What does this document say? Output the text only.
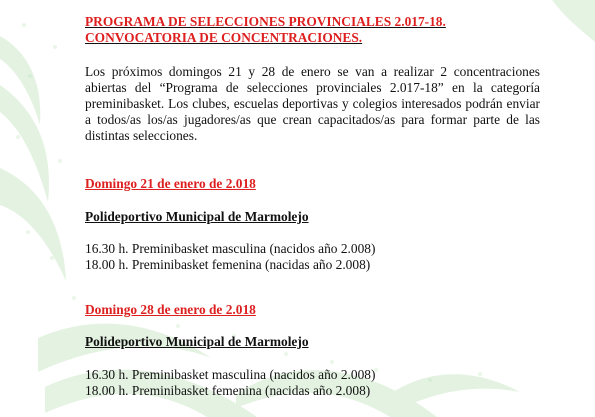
PROGRAMA DE SELECCIONES PROVINCIALES 2.017-18.
CONVOCATORIA DE CONCENTRACIONES.

Los próximos domingos 21 y 28 de enero se van a realizar 2 concentraciones abiertas del “Programa de selecciones provinciales 2.017-18” en la categoría preminibasket. Los clubes, escuelas deportivas y colegios interesados podrán enviar a todos/as los/as jugadores/as que crean capacitados/as para formar parte de las distintas selecciones.

Domingo 21 de enero de 2.018

Polideportivo Municipal de Marmolejo

16.30 h. Preminibasket masculina (nacidos año 2.008)
18.00 h. Preminibasket femenina (nacidas año 2.008)
Domingo 28 de enero de 2.018

Polideportivo Municipal de Marmolejo

16.30 h. Preminibasket masculina (nacidos año 2.008)
18.00 h. Preminibasket femenina (nacidas año 2.008)
